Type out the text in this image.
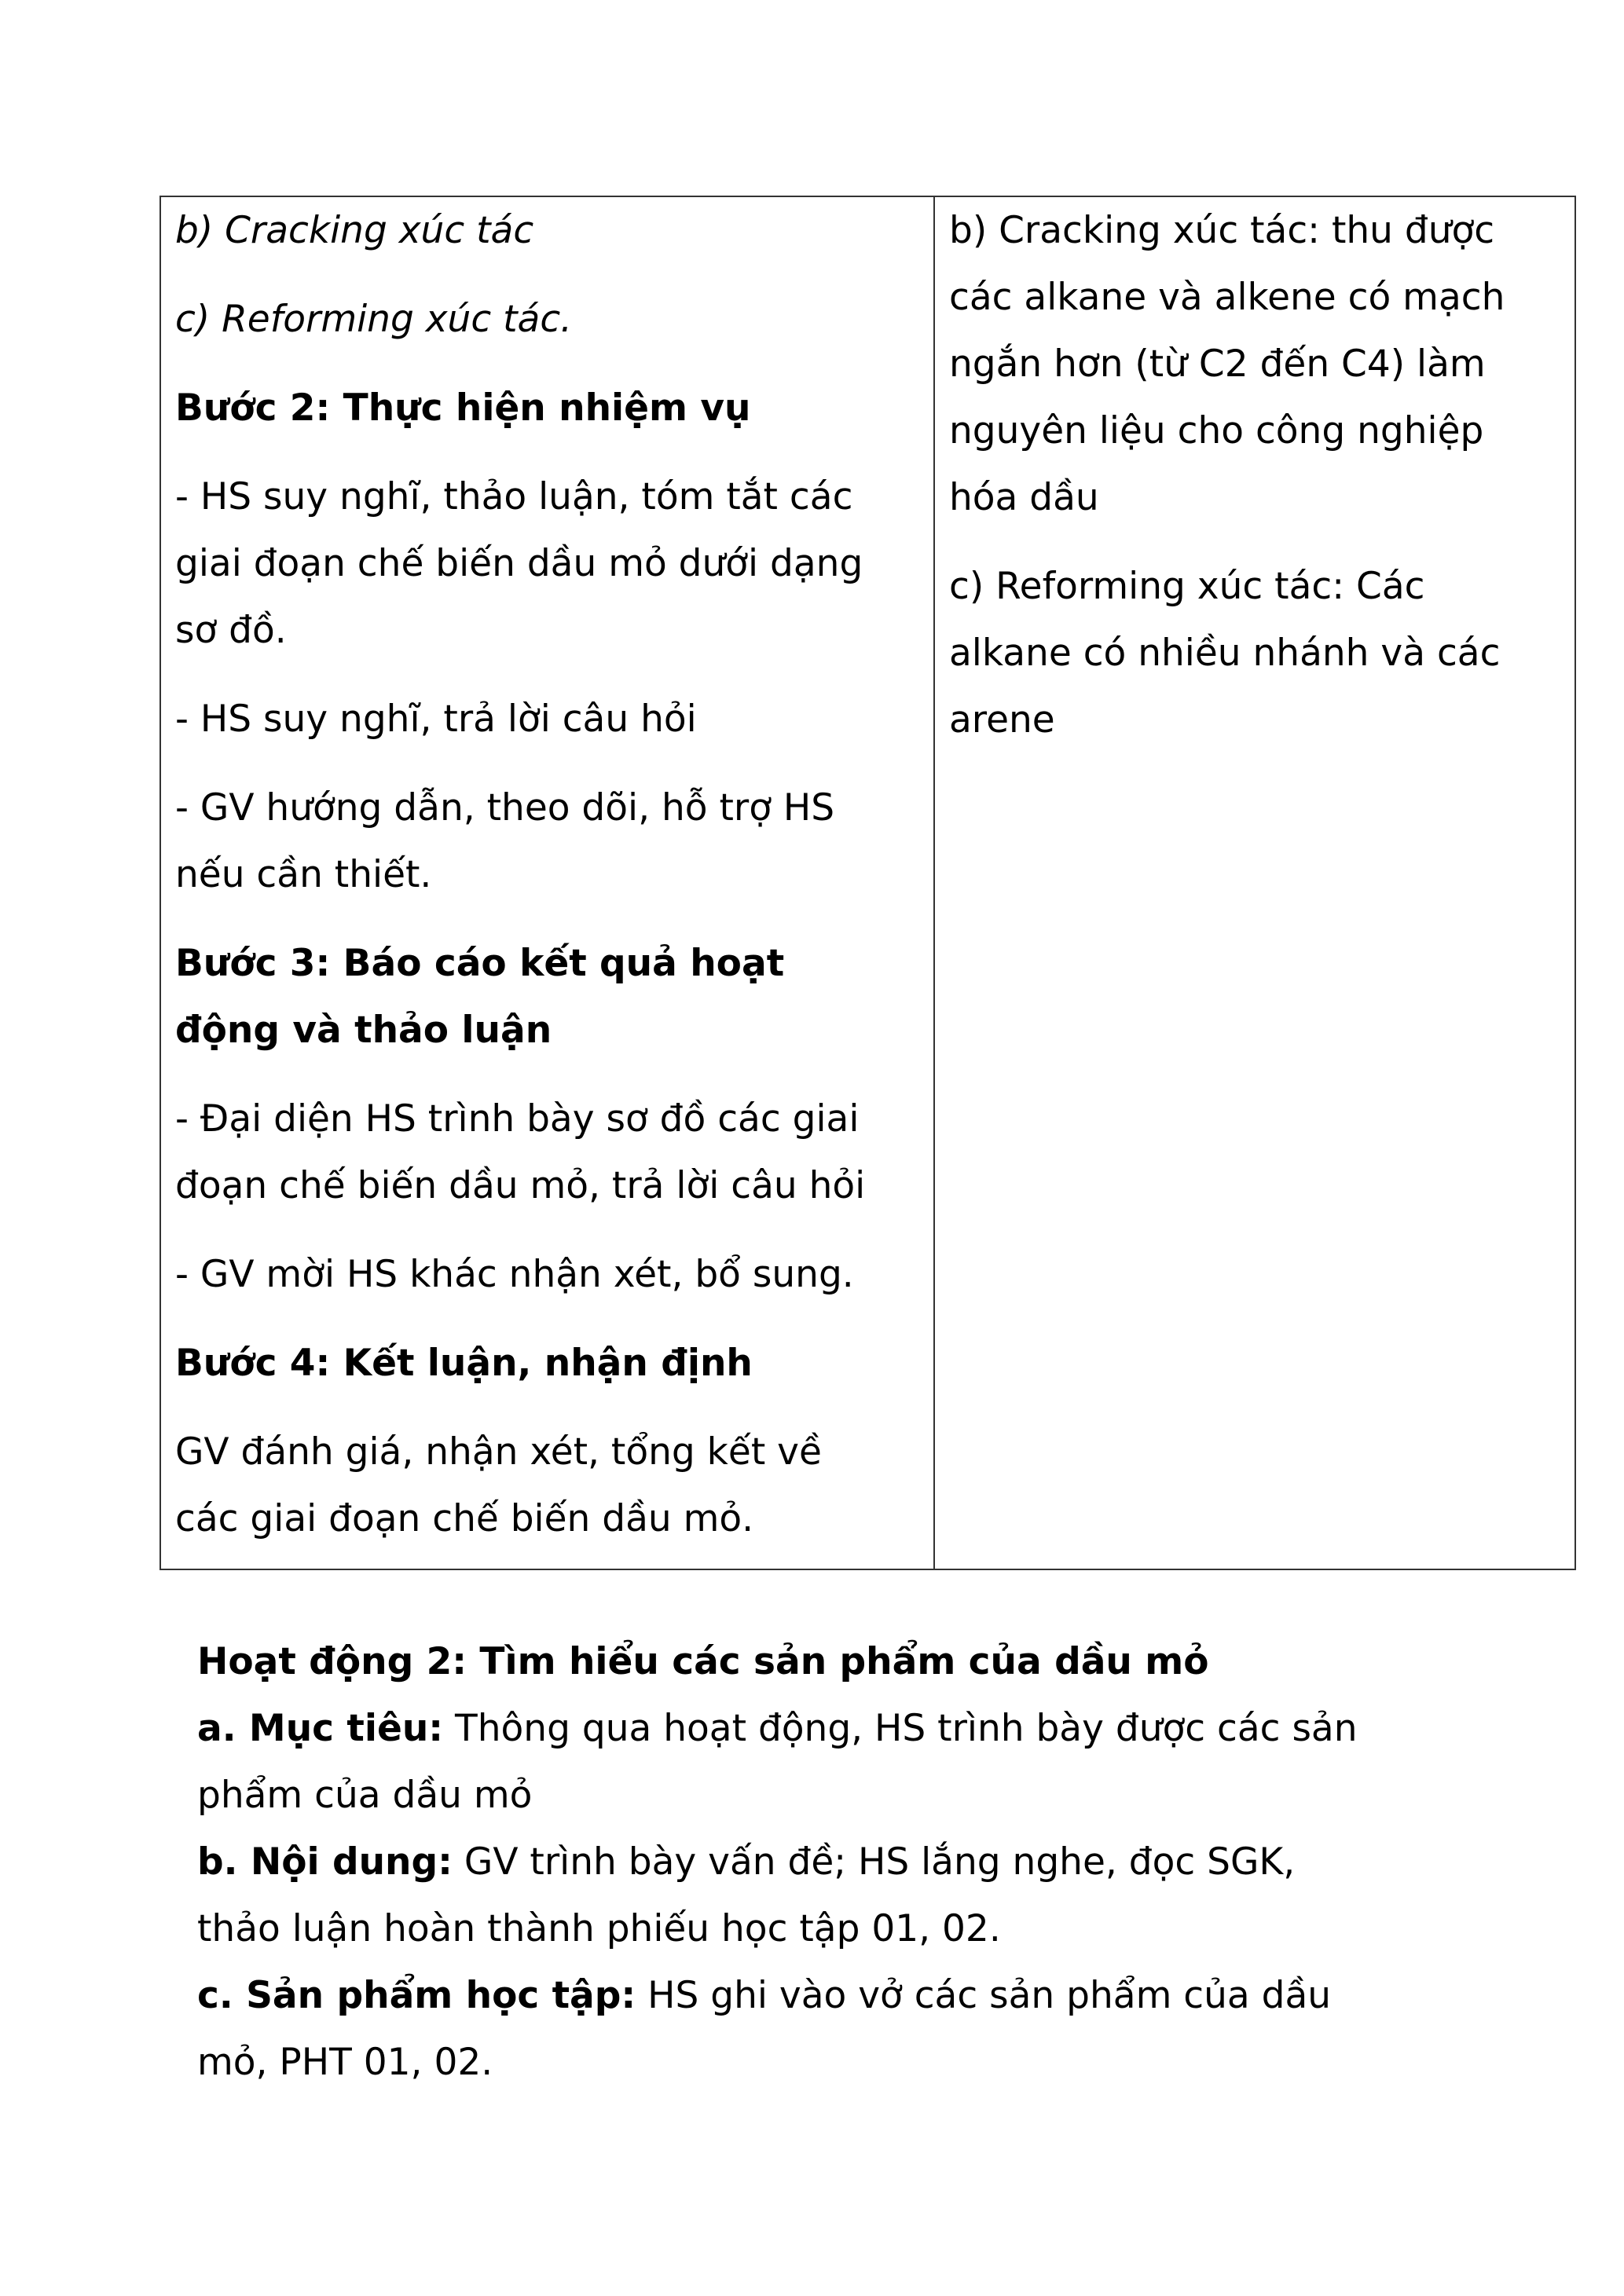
b) Cracking xúc tác
c) Reforming xúc tác.
Bước 2: Thực hiện nhiệm vụ
- HS suy nghĩ, thảo luận, tóm tắt các
giai đoạn chế biến dầu mỏ dưới dạng
sơ đồ.
- HS suy nghĩ, trả lời câu hỏi
- GV hướng dẫn, theo dõi, hỗ trợ HS
nếu cần thiết.
Bước 3: Báo cáo kết quả hoạt
động và thảo luận
- Đại diện HS trình bày sơ đồ các giai
đoạn chế biến dầu mỏ, trả lời câu hỏi
- GV mời HS khác nhận xét, bổ sung.
Bước 4: Kết luận, nhận định
GV đánh giá, nhận xét, tổng kết về
các giai đoạn chế biến dầu mỏ.
b) Cracking xúc tác: thu được
các alkane và alkene có mạch
ngắn hơn (từ C2 đến C4) làm
nguyên liệu cho công nghiệp
hóa dầu
c) Reforming xúc tác: Các
alkane có nhiều nhánh và các
arene
Hoạt động 2: Tìm hiểu các sản phẩm của dầu mỏ
a. Mục tiêu: Thông qua hoạt động, HS trình bày được các sản
phẩm của dầu mỏ
b. Nội dung: GV trình bày vấn đề; HS lắng nghe, đọc SGK,
thảo luận hoàn thành phiếu học tập 01, 02.
c. Sản phẩm học tập: HS ghi vào vở các sản phẩm của dầu
mỏ, PHT 01, 02.
